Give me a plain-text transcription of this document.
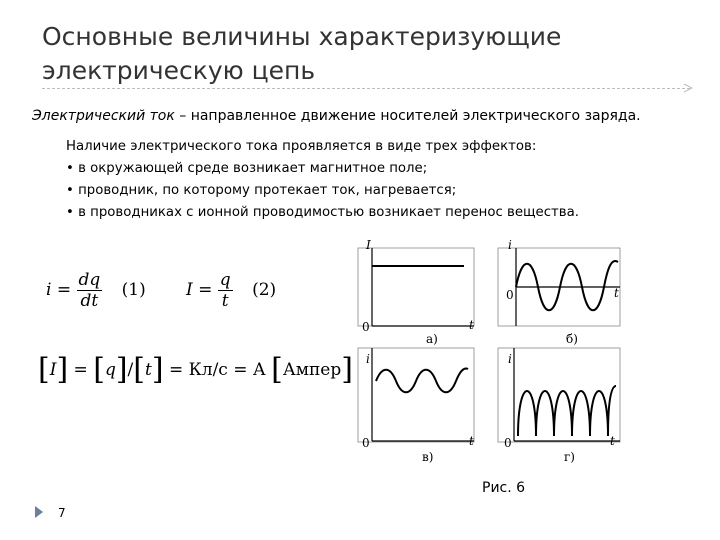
Основные величины характеризующие
электрическую цепь
Электрический ток – направленное движение носителей электрического заряда.
Наличие электрического тока проявляется в виде трех эффектов:
• в окружающей среде возникает магнитное поле;
• проводник, по которому протекает ток, нагревается;
• в проводниках с ионной проводимостью возникает перенос вещества.
$i = \frac{dq}{dt} (1) I = \frac{q}{t} (2)$
[I] = [q]/[t] = Кл/с = А [Ампер]
I
0	t
а)
i
0	t
б)
i
0	t
в)
i
0	t
г)
Рис. 6
7
